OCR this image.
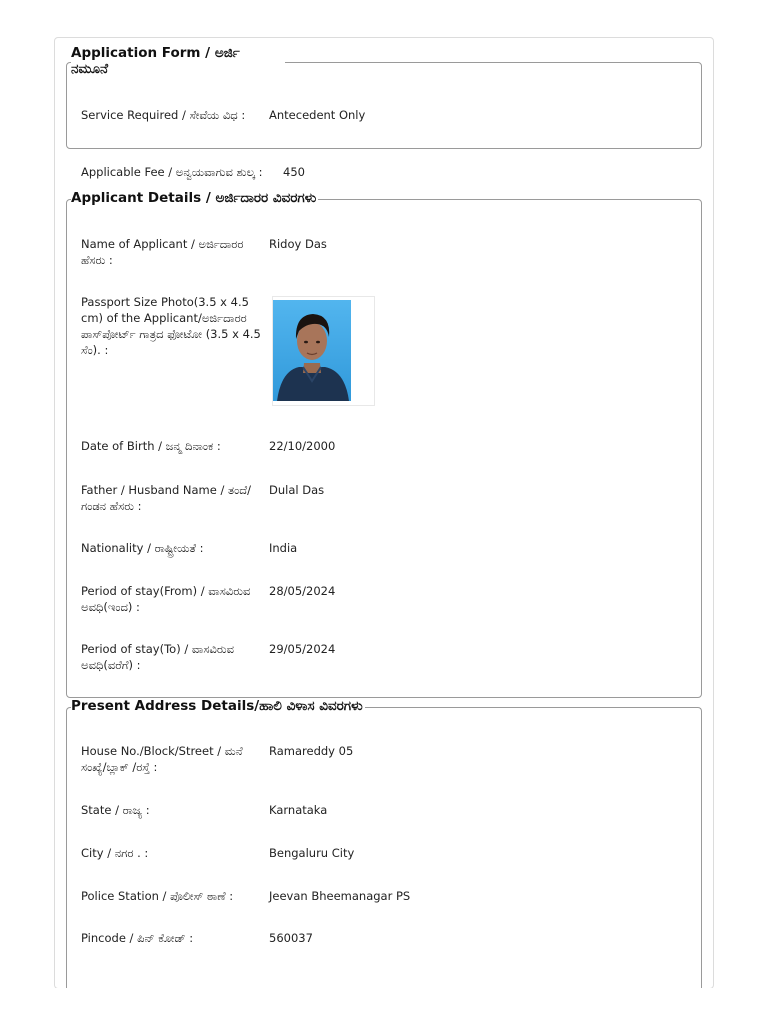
Application Form / ಅರ್ಜಿ
ನಮೂನೆ
Service Required / ಸೇವೆಯ ವಿಧ :	Antecedent Only
Applicable Fee / ಅನ್ವಯವಾಗುವ ಶುಲ್ಕ :	450
Applicant Details / ಅರ್ಜಿದಾರರ ವಿವರಗಳು
Name of Applicant / ಅರ್ಜಿದಾರರ ಹೆಸರು :
Ridoy Das
Passport Size Photo(3.5 x 4.5 cm) of the Applicant/ಅರ್ಜಿದಾರರ ಪಾಸ್‌ಪೋರ್ಟ್ ಗಾತ್ರದ ಫೋಟೋ (3.5 x 4.5 ಸೆಂ). :
Date of Birth / ಜನ್ಮ ದಿನಾಂಕ :	22/10/2000
Father / Husband Name / ತಂದೆ/ಗಂಡನ ಹೆಸರು :
Dulal Das
Nationality / ರಾಷ್ಟ್ರೀಯತೆ :	India
Period of stay(From) / ವಾಸವಿರುವ ಅವಧಿ(ಇಂದ) :
28/05/2024
Period of stay(To) / ವಾಸವಿರುವ ಅವಧಿ(ವರೆಗೆ) :
29/05/2024
Present Address Details/ಹಾಲಿ ವಿಳಾಸ ವಿವರಗಳು
House No./Block/Street / ಮನೆ ಸಂಖ್ಯೆ/ಬ್ಲಾಕ್ /ರಸ್ತೆ :
Ramareddy 05
State / ರಾಜ್ಯ :	Karnataka
City / ನಗರ . :	Bengaluru City
Police Station / ಪೊಲೀಸ್ ಠಾಣೆ :	Jeevan Bheemanagar PS
Pincode / ಪಿನ್ ಕೋಡ್ :	560037
